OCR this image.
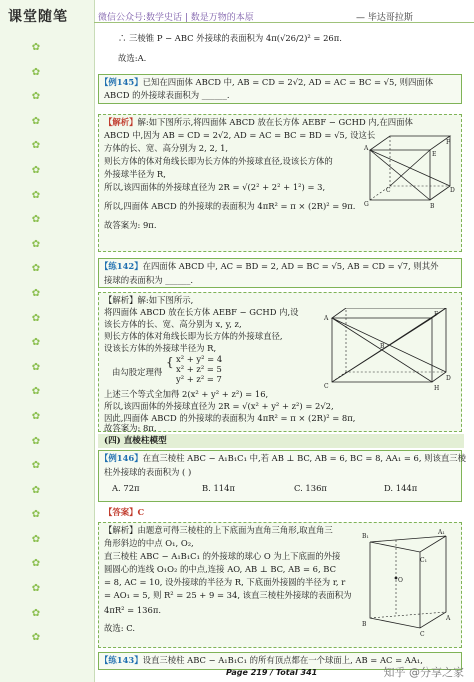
课堂随笔
✿
✿
✿
✿
✿
✿
✿
✿
✿
✿
✿
✿
✿
✿
✿
✿
✿
✿
✿
✿
✿
✿
✿
✿
✿
微信公众号:数学史话 | 数是万物的本原	— 毕达哥拉斯
∴ 三棱锥 P − ABC 外接球的表面积为 4π(√26/2)² = 26π.
故选:A.
【例145】已知在四面体 ABCD 中, AB = CD = 2√2, AD = AC = BC = √5, 则四面体
ABCD 的外接球表面积为 ______.
【解析】解:如下图所示,将四面体 ABCD 放在长方体 AEBF − GCHD 内,在四面体
ABCD 中,因为 AB = CD = 2√2, AD = AC = BC = BD = √5, 设这长
方体的长、宽、高分别为 2, 2, 1,
则长方体的体对角线长即为长方体的外接球直径,设该长方体的
外接球半径为 R,
所以,该四面体的外接球直径为 2R = √(2² + 2² + 1²) = 3,
所以,四面体 ABCD 的外接球的表面积为 4πR² = π × (2R)² = 9π.
故答案为: 9π.
A
E
F
G	B
C	D
【练142】在四面体 ABCD 中, AC = BD = 2, AD = BC = √5, AB = CD = √7, 则其外
接球的表面积为 ______.
【解析】解:如下图所示,
将四面体 ABCD 放在长方体 AEBF − GCHD 内,设
该长方体的长、宽、高分别为 x, y, z,
则长方体的体对角线长即为长方体的外接球直径,
设该长方体的外接球半径为 R,
由勾股定理得
{ x² + y² = 4
x² + z² = 5
y² + z² = 7
上述三个等式全加得 2(x² + y² + z²) = 16,
所以,该四面体的外接球直径为 2R = √(x² + y² + z²) = 2√2,
因此,四面体 ABCD 的外接球的表面积为 4πR² = π × (2R)² = 8π,
故答案为: 8π.
A
F
C	H
D
B
(四) 直棱柱模型
【例146】在直三棱柱 ABC − A₁B₁C₁ 中,若 AB ⊥ BC, AB = 6, BC = 8, AA₁ = 6, 则该直三棱
柱外接球的表面积为 ( )
A. 72π	B. 114π	C. 136π	D. 144π
【答案】C
【解析】由题意可得三棱柱的上下底面为直角三角形,取直角三
角形斜边的中点 O₁, O₂,
直三棱柱 ABC − A₁B₁C₁ 的外接球的球心 O 为上下底面的外接
圆圆心的连线 O₁O₂ 的中点,连接 AO, AB ⊥ BC, AB = 6, BC
= 8, AC = 10, 设外接球的半径为 R, 下底面外接圆的半径为 r, r
= AO₁ = 5, 则 R² = 25 + 9 = 34, 该直三棱柱外接球的表面积为
4πR² = 136π.
故选: C.
A₁
B₁
C₁
O
B
C
A
【练143】设直三棱柱 ABC − A₁B₁C₁ 的所有顶点都在一个球面上, AB = AC = AA₁,
Page 219 / Total 341	知乎 @分享之家
